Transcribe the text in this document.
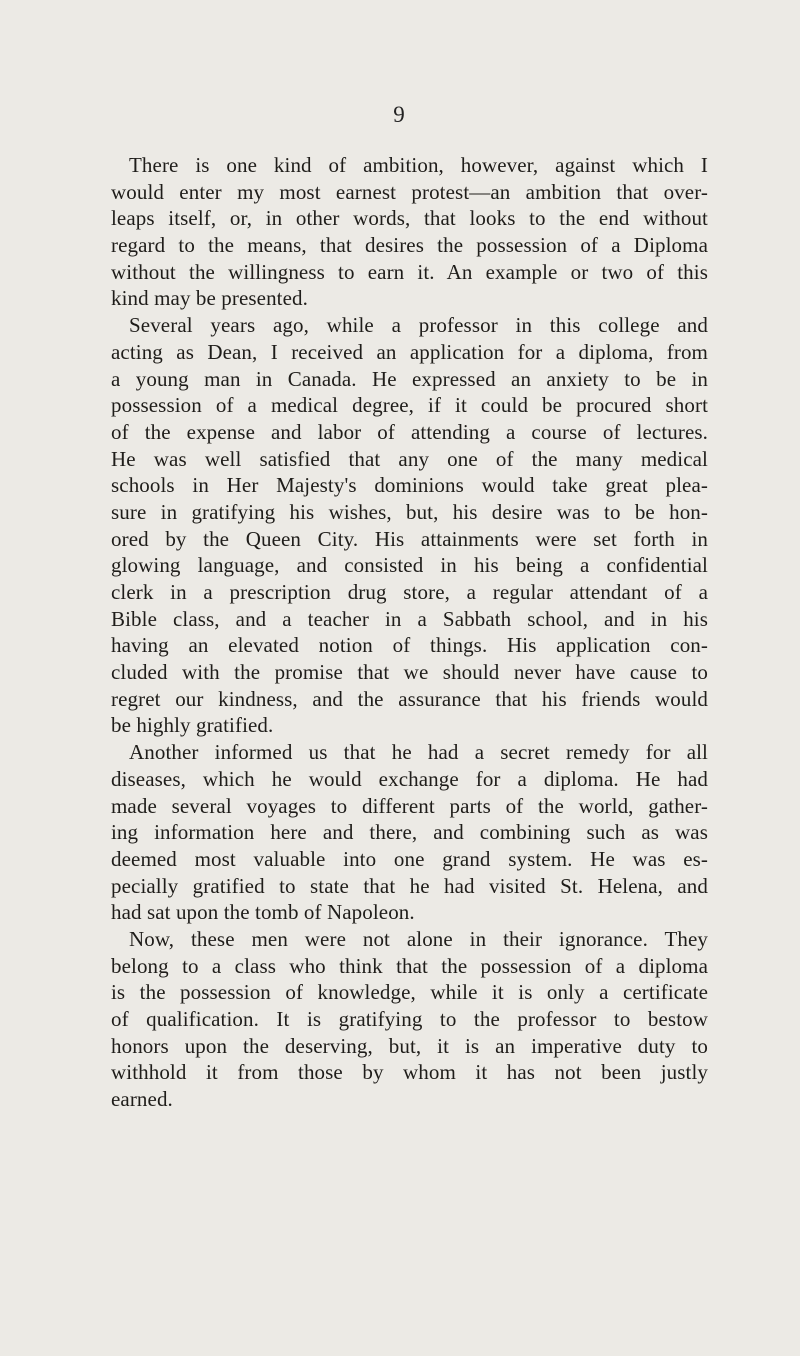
9
There is one kind of ambition, however, against which I
would enter my most earnest protest—an ambition that over-
leaps itself, or, in other words, that looks to the end without
regard to the means, that desires the possession of a Diploma
without the willingness to earn it. An example or two of this
kind may be presented.
Several years ago, while a professor in this college and
acting as Dean, I received an application for a diploma, from
a young man in Canada. He expressed an anxiety to be in
possession of a medical degree, if it could be procured short
of the expense and labor of attending a course of lectures.
He was well satisfied that any one of the many medical
schools in Her Majesty's dominions would take great plea-
sure in gratifying his wishes, but, his desire was to be hon-
ored by the Queen City. His attainments were set forth in
glowing language, and consisted in his being a confidential
clerk in a prescription drug store, a regular attendant of a
Bible class, and a teacher in a Sabbath school, and in his
having an elevated notion of things. His application con-
cluded with the promise that we should never have cause to
regret our kindness, and the assurance that his friends would
be highly gratified.
Another informed us that he had a secret remedy for all
diseases, which he would exchange for a diploma. He had
made several voyages to different parts of the world, gather-
ing information here and there, and combining such as was
deemed most valuable into one grand system. He was es-
pecially gratified to state that he had visited St. Helena, and
had sat upon the tomb of Napoleon.
Now, these men were not alone in their ignorance. They
belong to a class who think that the possession of a diploma
is the possession of knowledge, while it is only a certificate
of qualification. It is gratifying to the professor to bestow
honors upon the deserving, but, it is an imperative duty to
withhold it from those by whom it has not been justly
earned.
